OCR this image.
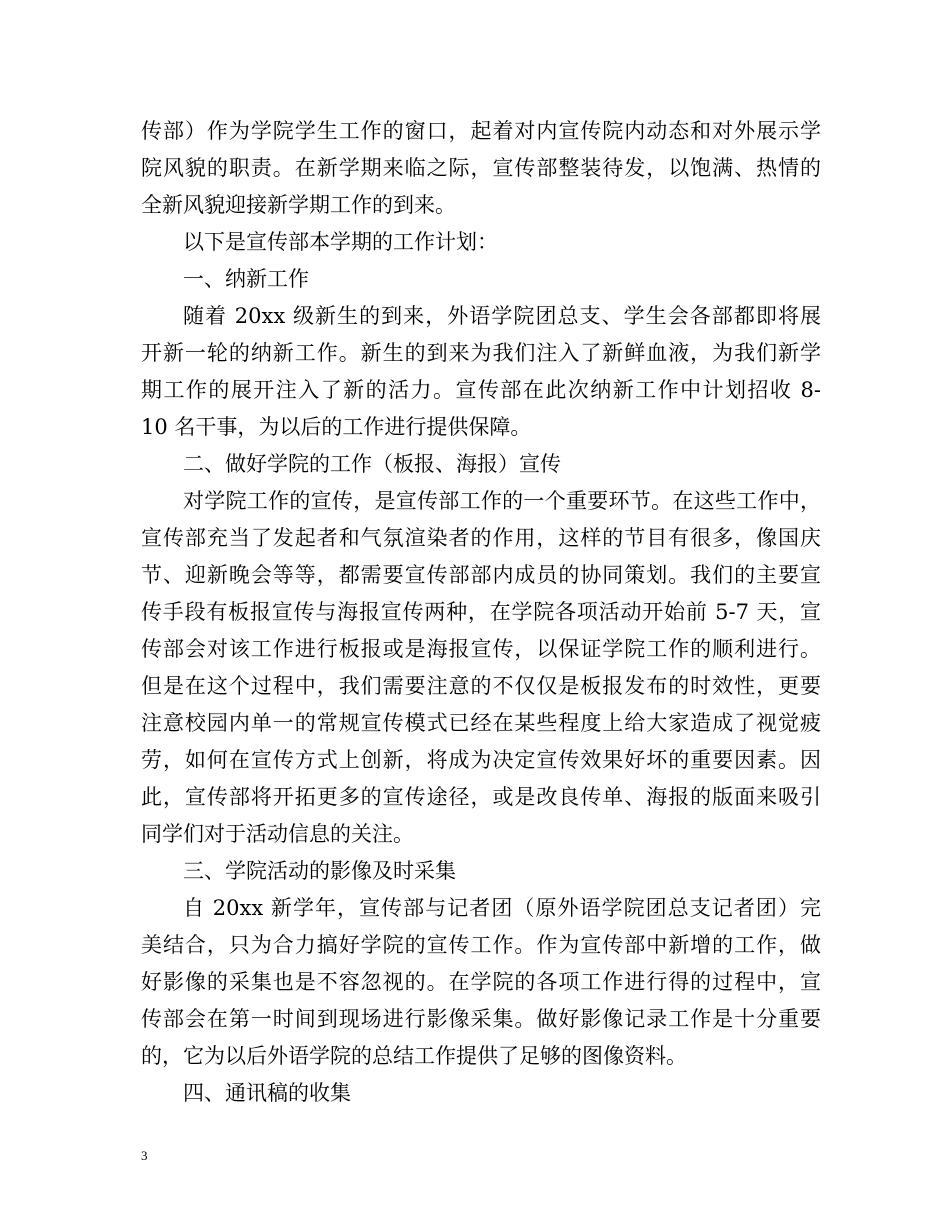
传部）作为学院学生工作的窗口，起着对内宣传院内动态和对外展示学
院风貌的职责。在新学期来临之际，宣传部整装待发，以饱满、热情的
全新风貌迎接新学期工作的到来。
以下是宣传部本学期的工作计划：
一、纳新工作
随着 20xx 级新生的到来，外语学院团总支、学生会各部都即将展
开新一轮的纳新工作。新生的到来为我们注入了新鲜血液，为我们新学
期工作的展开注入了新的活力。宣传部在此次纳新工作中计划招收 8-
10 名干事，为以后的工作进行提供保障。
二、做好学院的工作（板报、海报）宣传
对学院工作的宣传，是宣传部工作的一个重要环节。在这些工作中，
宣传部充当了发起者和气氛渲染者的作用，这样的节目有很多，像国庆
节、迎新晚会等等，都需要宣传部部内成员的协同策划。我们的主要宣
传手段有板报宣传与海报宣传两种，在学院各项活动开始前 5-7 天，宣
传部会对该工作进行板报或是海报宣传，以保证学院工作的顺利进行。
但是在这个过程中，我们需要注意的不仅仅是板报发布的时效性，更要
注意校园内单一的常规宣传模式已经在某些程度上给大家造成了视觉疲
劳，如何在宣传方式上创新，将成为决定宣传效果好坏的重要因素。因
此，宣传部将开拓更多的宣传途径，或是改良传单、海报的版面来吸引
同学们对于活动信息的关注。
三、学院活动的影像及时采集
自 20xx 新学年，宣传部与记者团（原外语学院团总支记者团）完
美结合，只为合力搞好学院的宣传工作。作为宣传部中新增的工作，做
好影像的采集也是不容忽视的。在学院的各项工作进行得的过程中，宣
传部会在第一时间到现场进行影像采集。做好影像记录工作是十分重要
的，它为以后外语学院的总结工作提供了足够的图像资料。
四、通讯稿的收集
3
